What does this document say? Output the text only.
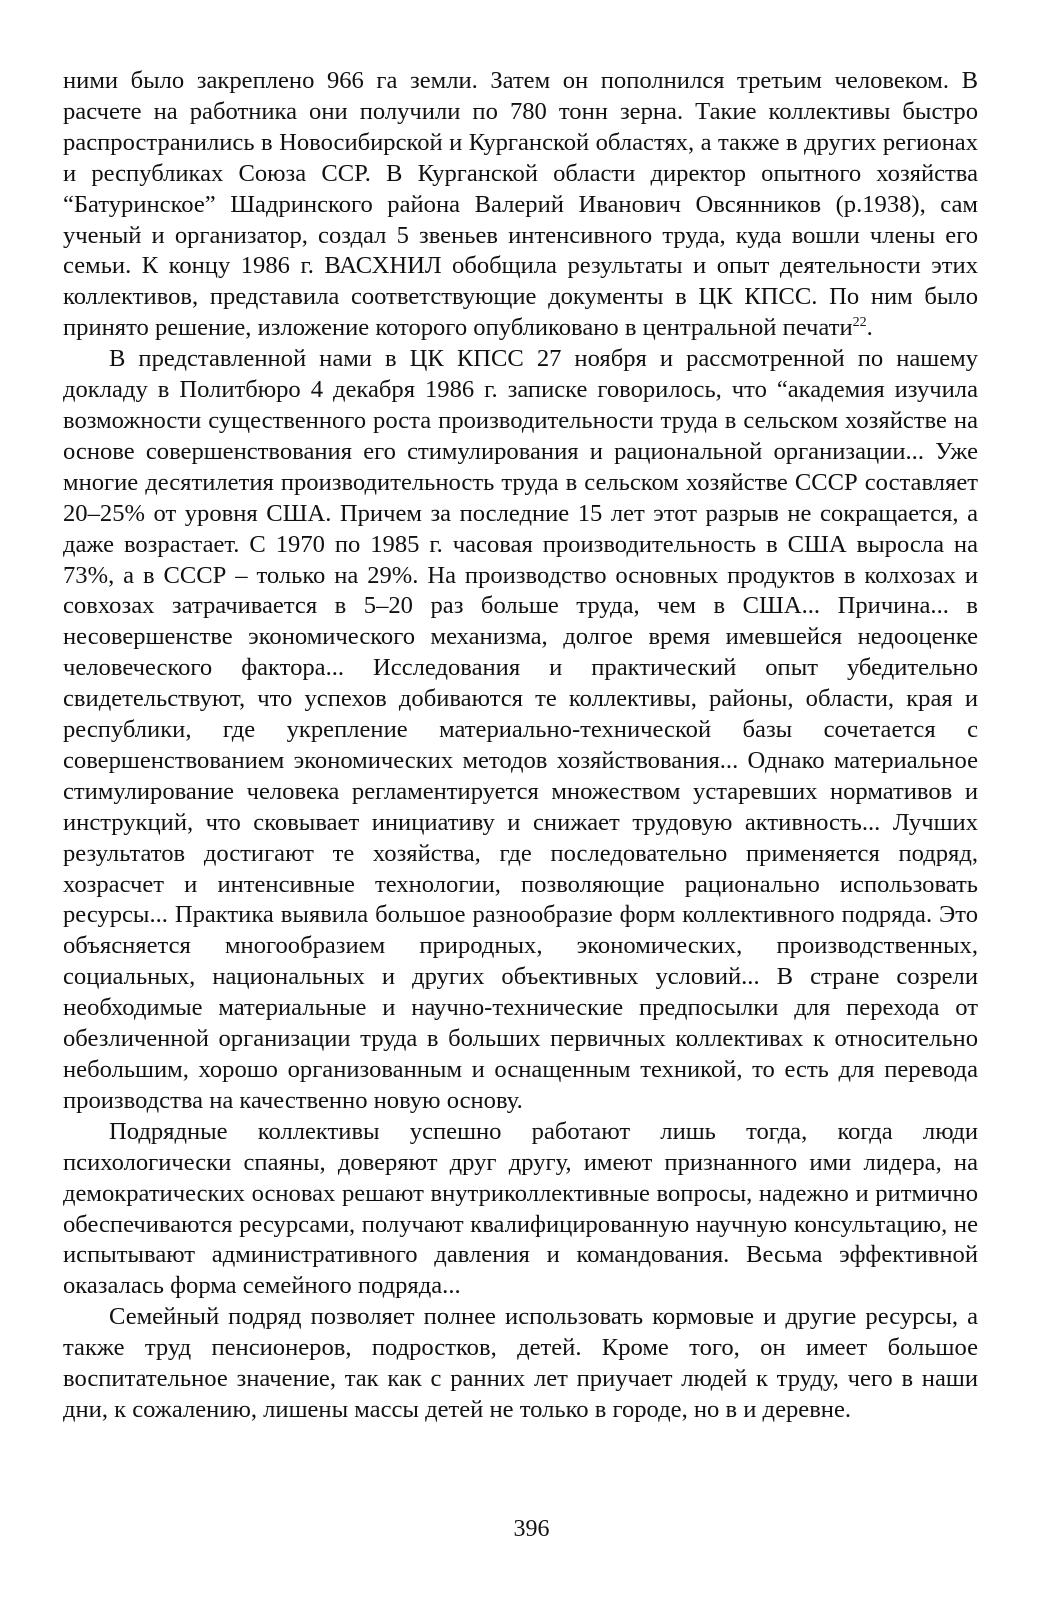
ними было закреплено 966 га земли. Затем он пополнился третьим человеком. В расчете на работника они получили по 780 тонн зерна. Такие коллективы быстро распространились в Новосибирской и Курганской областях, а также в других регионах и республиках Союза ССР. В Курганской области директор опытного хозяйства “Батуринское” Шадринского района Валерий Иванович Овсянников (р.1938), сам ученый и организатор, создал 5 звеньев интенсивного труда, куда вошли члены его семьи. К концу 1986 г. ВАСХНИЛ обобщила результаты и опыт деятельности этих коллективов, представила соответствующие документы в ЦК КПСС. По ним было принято решение, изложение которого опубликовано в центральной печати$^{22}$.

В представленной нами в ЦК КПСС 27 ноября и рассмотренной по нашему докладу в Политбюро 4 декабря 1986 г. записке говорилось, что “академия изучила возможности существенного роста производительности труда в сельском хозяйстве на основе совершенствования его стимулирования и рациональной организации... Уже многие десятилетия производительность труда в сельском хозяйстве СССР составляет 20–25% от уровня США. Причем за последние 15 лет этот разрыв не сокращается, а даже возрастает. С 1970 по 1985 г. часовая производительность в США выросла на 73%, а в СССР – только на 29%. На производство основных продуктов в колхозах и совхозах затрачивается в 5–20 раз больше труда, чем в США... Причина... в несовершенстве экономического механизма, долгое время имевшейся недооценке человеческого фактора... Исследования и практический опыт убедительно свидетельствуют, что успехов добиваются те коллективы, районы, области, края и республики, где укрепление материально-технической базы сочетается с совершенствованием экономических методов хозяйствования... Однако материальное стимулирование человека регламентируется множеством устаревших нормативов и инструкций, что сковывает инициативу и снижает трудовую активность... Лучших результатов достигают те хозяйства, где последовательно применяется подряд, хозрасчет и интенсивные технологии, позволяющие рационально использовать ресурсы... Практика выявила большое разнообразие форм коллективного подряда. Это объясняется многообразием природных, экономических, производственных, социальных, национальных и других объективных условий... В стране созрели необходимые материальные и научно-технические предпосылки для перехода от обезличенной организации труда в больших первичных коллективах к относительно небольшим, хорошо организованным и оснащенным техникой, то есть для перевода производства на качественно новую основу.

Подрядные коллективы успешно работают лишь тогда, когда люди психологически спаяны, доверяют друг другу, имеют признанного ими лидера, на демократических основах решают внутриколлективные вопросы, надежно и ритмично обеспечиваются ресурсами, получают квалифицированную научную консультацию, не испытывают административного давления и командования. Весьма эффективной оказалась форма семейного подряда...

Семейный подряд позволяет полнее использовать кормовые и другие ресурсы, а также труд пенсионеров, подростков, детей. Кроме того, он имеет большое воспитательное значение, так как с ранних лет приучает людей к труду, чего в наши дни, к сожалению, лишены массы детей не только в городе, но в и деревне.

396
